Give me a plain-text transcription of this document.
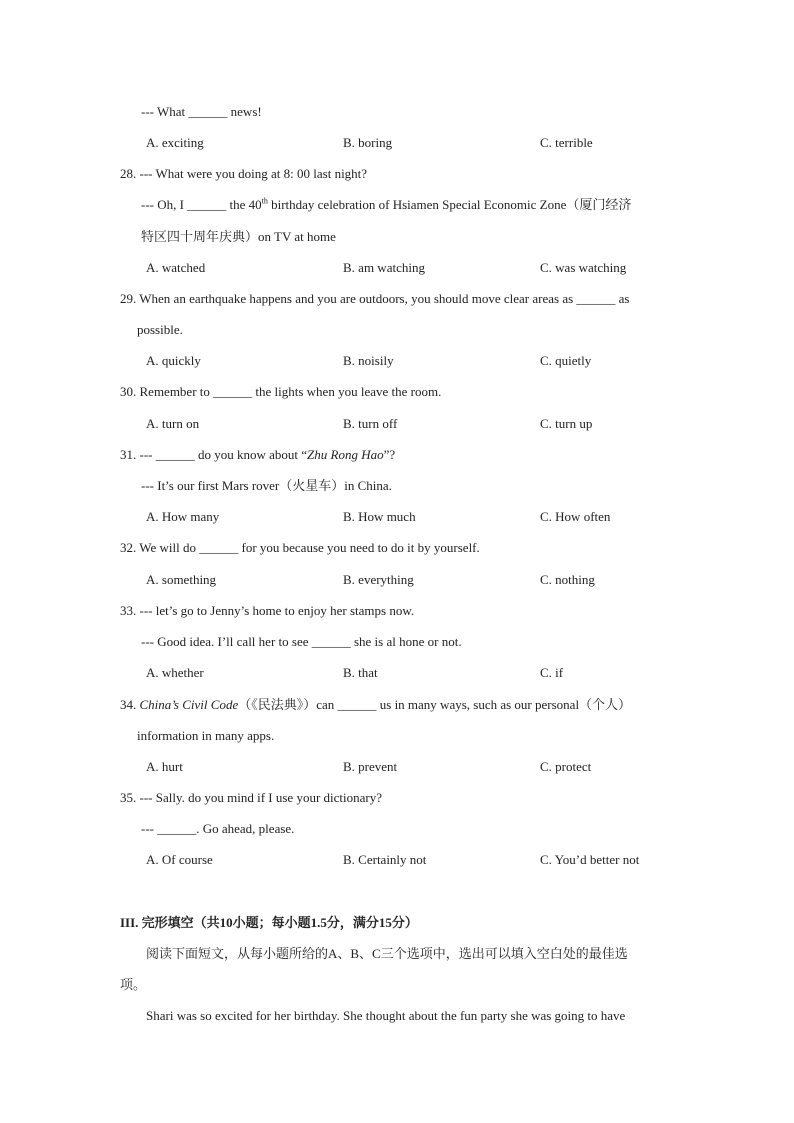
--- What ______ news!
A. exciting	B. boring	C. terrible
28. --- What were you doing at 8: 00 last night?
--- Oh, I ______ the 40th birthday celebration of Hsiamen Special Economic Zone（厦门经济
特区四十周年庆典）on TV at home
A. watched	B. am watching	C. was watching
29. When an earthquake happens and you are outdoors, you should move clear areas as ______ as
possible.
A. quickly	B. noisily	C. quietly
30. Remember to ______ the lights when you leave the room.
A. turn on	B. turn off	C. turn up
31. --- ______ do you know about “Zhu Rong Hao”?
--- It’s our first Mars rover（火星车）in China.
A. How many	B. How much	C. How often
32. We will do ______ for you because you need to do it by yourself.
A. something	B. everything	C. nothing
33. --- let’s go to Jenny’s home to enjoy her stamps now.
--- Good idea. I’ll call her to see ______ she is al hone or not.
A. whether	B. that	C. if
34. China’s Civil Code（《民法典》）can ______ us in many ways, such as our personal（个人）
information in many apps.
A. hurt	B. prevent	C. protect
35. --- Sally. do you mind if I use your dictionary?
--- ______. Go ahead, please.
A. Of course	B. Certainly not	C. You’d better not
III. 完形填空（共10小题；每小题1.5分，满分15分）
阅读下面短文，从每小题所给的A、B、C三个选项中，选出可以填入空白处的最佳选
项。
Shari was so excited for her birthday. She thought about the fun party she was going to have
